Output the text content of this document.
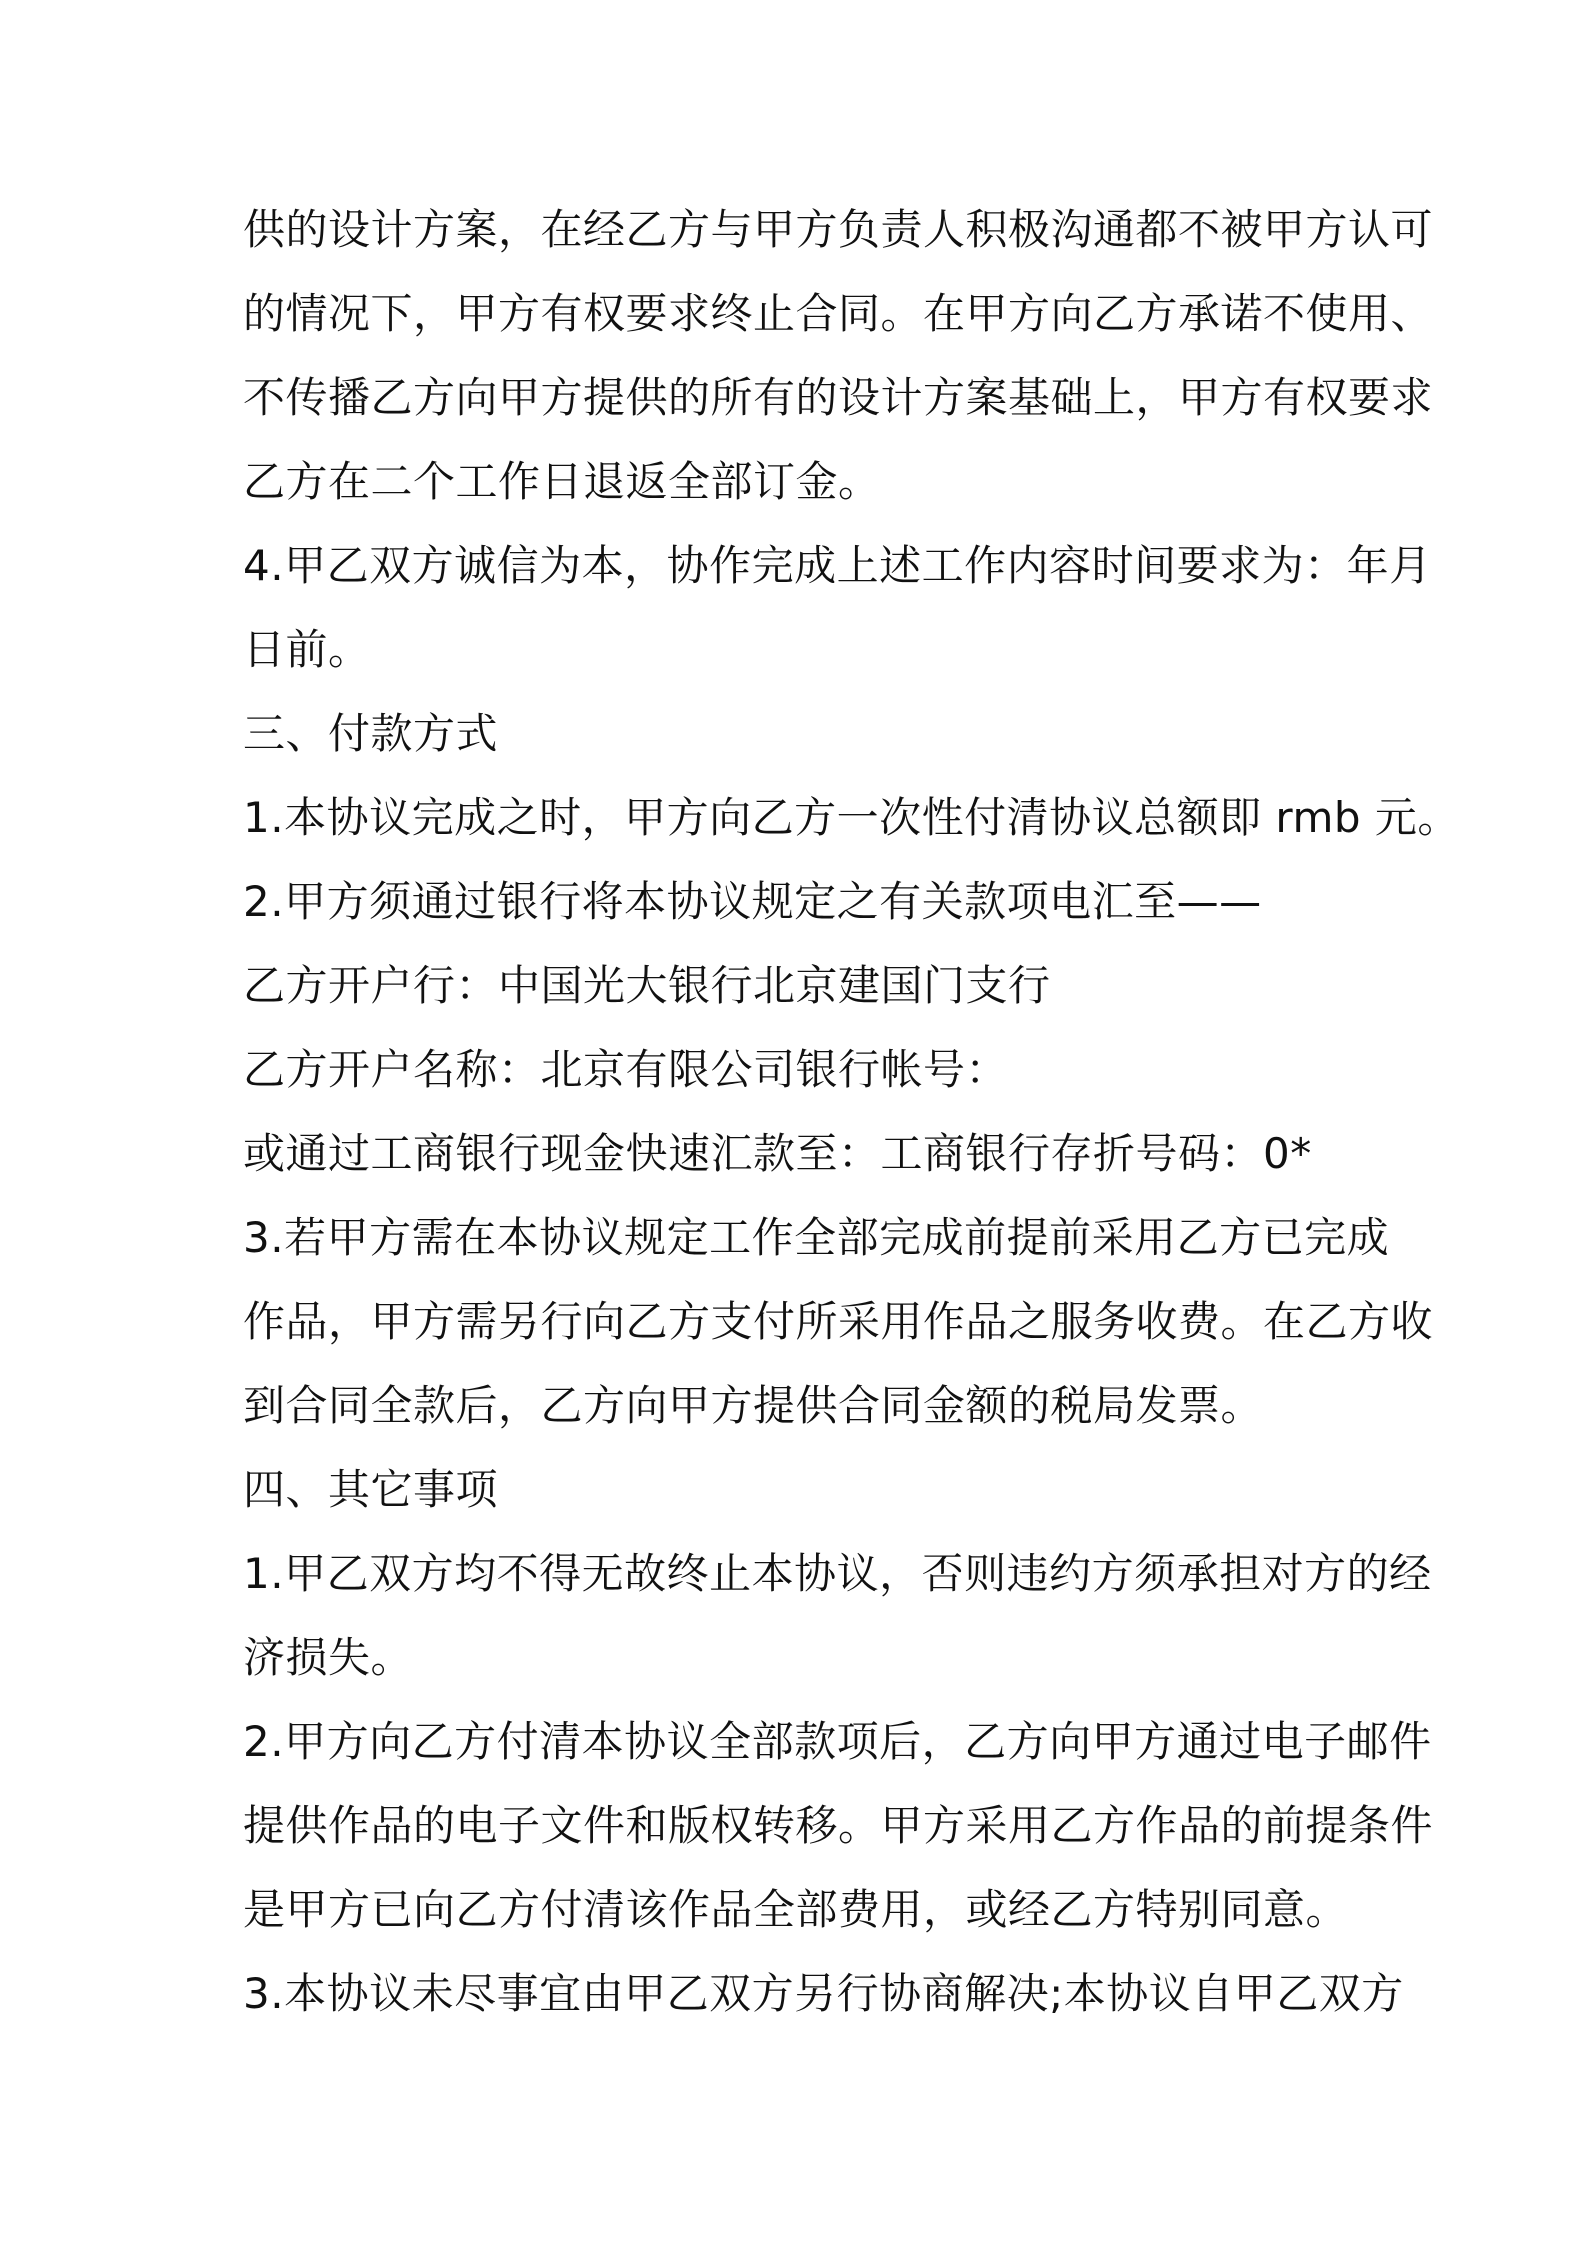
供的设计方案，在经乙方与甲方负责人积极沟通都不被甲方认可
的情况下，甲方有权要求终止合同。在甲方向乙方承诺不使用、
不传播乙方向甲方提供的所有的设计方案基础上，甲方有权要求
乙方在二个工作日退返全部订金。
4.甲乙双方诚信为本，协作完成上述工作内容时间要求为：年月
日前。
三、付款方式
1.本协议完成之时，甲方向乙方一次性付清协议总额即 rmb 元。
2.甲方须通过银行将本协议规定之有关款项电汇至——
乙方开户行：中国光大银行北京建国门支行
乙方开户名称：北京有限公司银行帐号：
或通过工商银行现金快速汇款至：工商银行存折号码：0*
3.若甲方需在本协议规定工作全部完成前提前采用乙方已完成
作品，甲方需另行向乙方支付所采用作品之服务收费。在乙方收
到合同全款后，乙方向甲方提供合同金额的税局发票。
四、其它事项
1.甲乙双方均不得无故终止本协议，否则违约方须承担对方的经
济损失。
2.甲方向乙方付清本协议全部款项后，乙方向甲方通过电子邮件
提供作品的电子文件和版权转移。甲方采用乙方作品的前提条件
是甲方已向乙方付清该作品全部费用，或经乙方特别同意。
3.本协议未尽事宜由甲乙双方另行协商解决;本协议自甲乙双方
